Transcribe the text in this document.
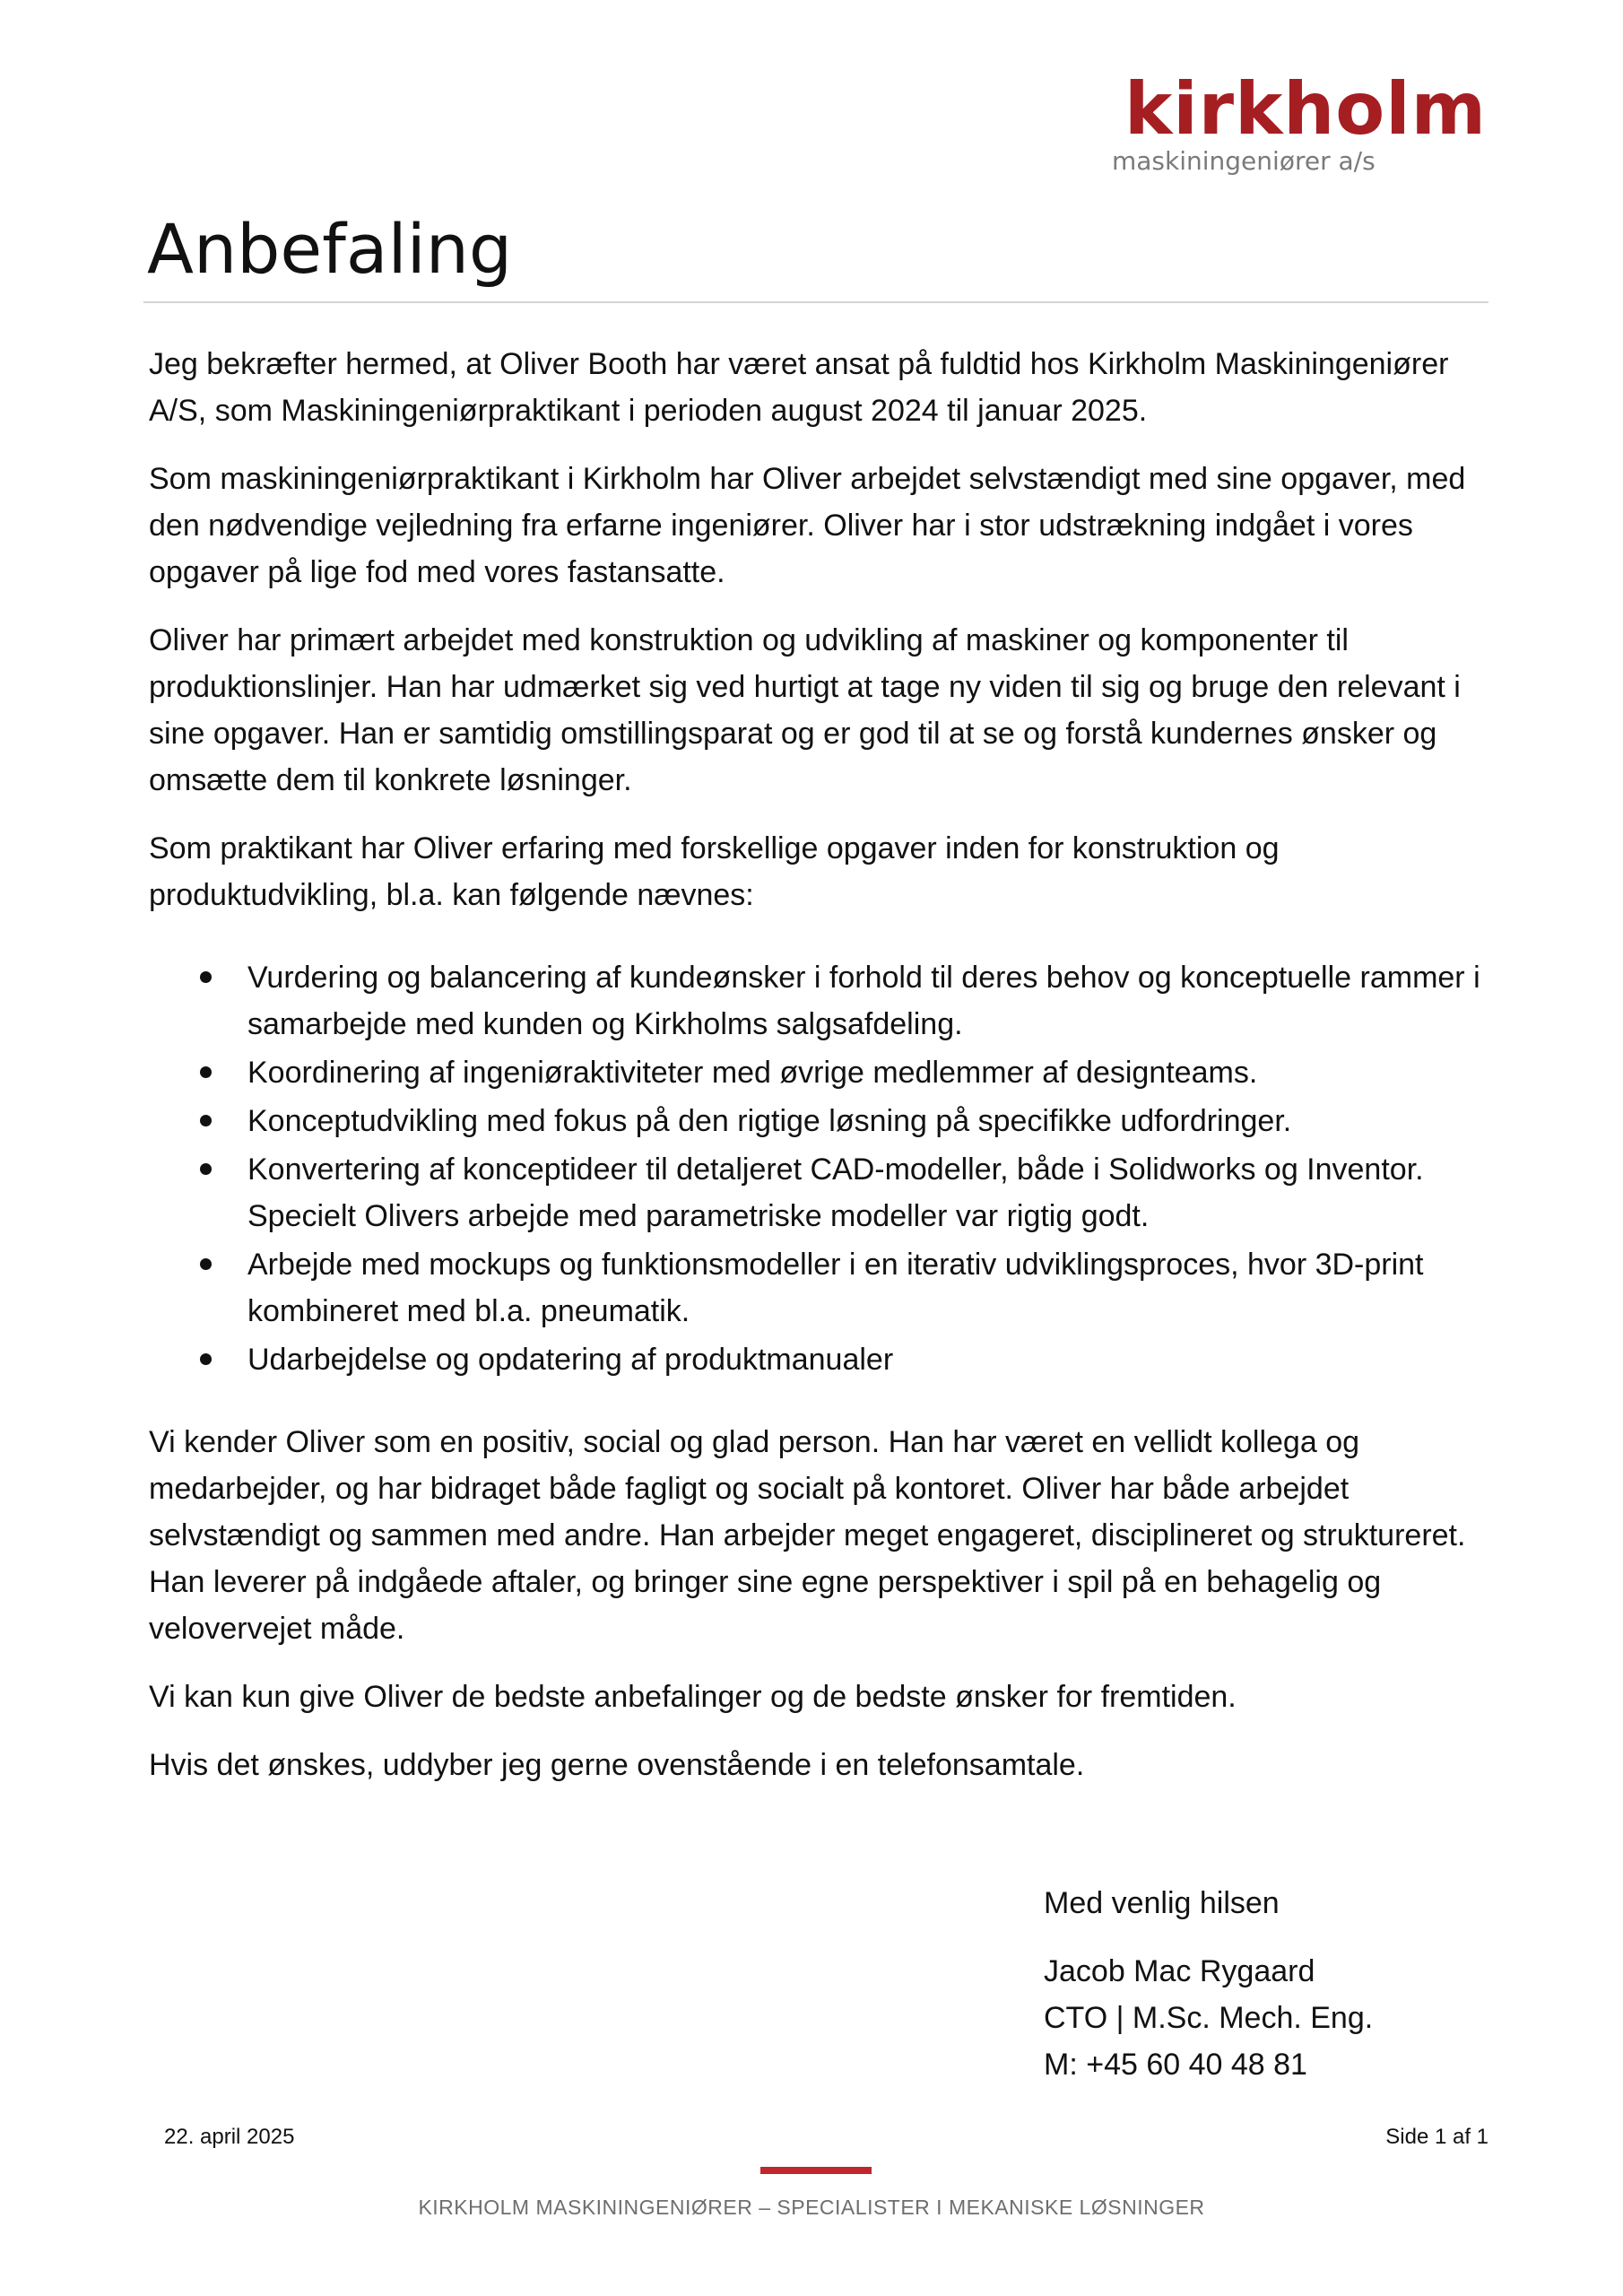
kirkholm
maskiningeniører a/s
Anbefaling

Jeg bekræfter hermed, at Oliver Booth har været ansat på fuldtid hos Kirkholm Maskiningeniører A/S, som Maskiningeniørpraktikant i perioden august 2024 til januar 2025.

Som maskiningeniørpraktikant i Kirkholm har Oliver arbejdet selvstændigt med sine opgaver, med den nødvendige vejledning fra erfarne ingeniører. Oliver har i stor udstrækning indgået i vores opgaver på lige fod med vores fastansatte.

Oliver har primært arbejdet med konstruktion og udvikling af maskiner og komponenter til produktionslinjer. Han har udmærket sig ved hurtigt at tage ny viden til sig og bruge den relevant i sine opgaver. Han er samtidig omstillingsparat og er god til at se og forstå kundernes ønsker og omsætte dem til konkrete løsninger.

Som praktikant har Oliver erfaring med forskellige opgaver inden for konstruktion og produktudvikling, bl.a. kan følgende nævnes:

Vurdering og balancering af kundeønsker i forhold til deres behov og konceptuelle rammer i samarbejde med kunden og Kirkholms salgsafdeling.
Koordinering af ingeniøraktiviteter med øvrige medlemmer af designteams.
Konceptudvikling med fokus på den rigtige løsning på specifikke udfordringer.
Konvertering af konceptideer til detaljeret CAD-modeller, både i Solidworks og Inventor. Specielt Olivers arbejde med parametriske modeller var rigtig godt.
Arbejde med mockups og funktionsmodeller i en iterativ udviklingsproces, hvor 3D-print kombineret med bl.a. pneumatik.
Udarbejdelse og opdatering af produktmanualer

Vi kender Oliver som en positiv, social og glad person. Han har været en vellidt kollega og medarbejder, og har bidraget både fagligt og socialt på kontoret. Oliver har både arbejdet selvstændigt og sammen med andre. Han arbejder meget engageret, disciplineret og struktureret. Han leverer på indgåede aftaler, og bringer sine egne perspektiver i spil på en behagelig og velovervejet måde.

Vi kan kun give Oliver de bedste anbefalinger og de bedste ønsker for fremtiden.

Hvis det ønskes, uddyber jeg gerne ovenstående i en telefonsamtale.

Med venlig hilsen
Jacob Mac Rygaard
CTO | M.Sc. Mech. Eng.
M: +45 60 40 48 81
22. april 2025	Side 1 af 1
KIRKHOLM MASKININGENIØRER – SPECIALISTER I MEKANISKE LØSNINGER
